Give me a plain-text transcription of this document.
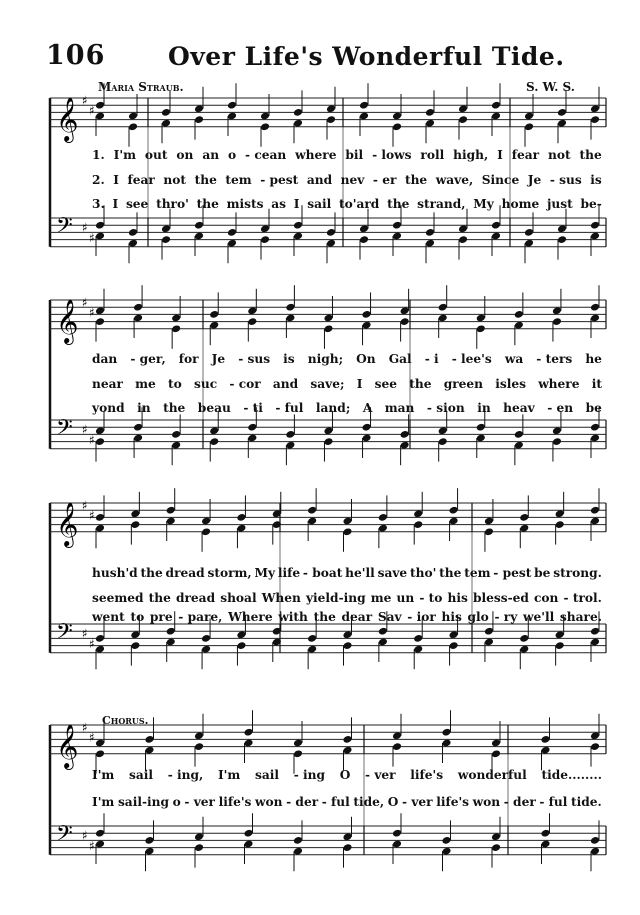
106	Over Life's Wonderful Tide.
Maria Straub.	S. W. S.
Chorus.
𝄞 ♯
♯
𝄢 ♯
♯
𝄞 ♯
♯
𝄢 ♯
♯
𝄞 ♯
♯
𝄢 ♯
♯
𝄞 ♯
♯
𝄢 ♯
♯
1. I'm out on an o - cean where bil - lows roll high, I fear not the
2. I fear not the tem - pest and nev - er the wave, Since Je - sus is
3. I see thro' the mists as I sail to'ard the strand, My home just be-
dan - ger, for Je - sus is nigh; On Gal - i - lee's wa - ters he
near me to suc - cor and save; I see the green isles where it
yond in the beau - ti - ful land; A man - sion in heav - en be
hush'd the dread storm, My life - boat he'll save tho' the tem - pest be strong.
seemed the dread shoal When yield-ing me un - to his bless-ed con - trol.
went to pre - pare, Where with the dear Sav - ior his glo - ry we'll share.
I'm sail - ing, I'm sail - ing O - ver life's wonderful tide........
I'm sail-ing o - ver life's won - der - ful tide, O - ver life's won - der - ful tide.
